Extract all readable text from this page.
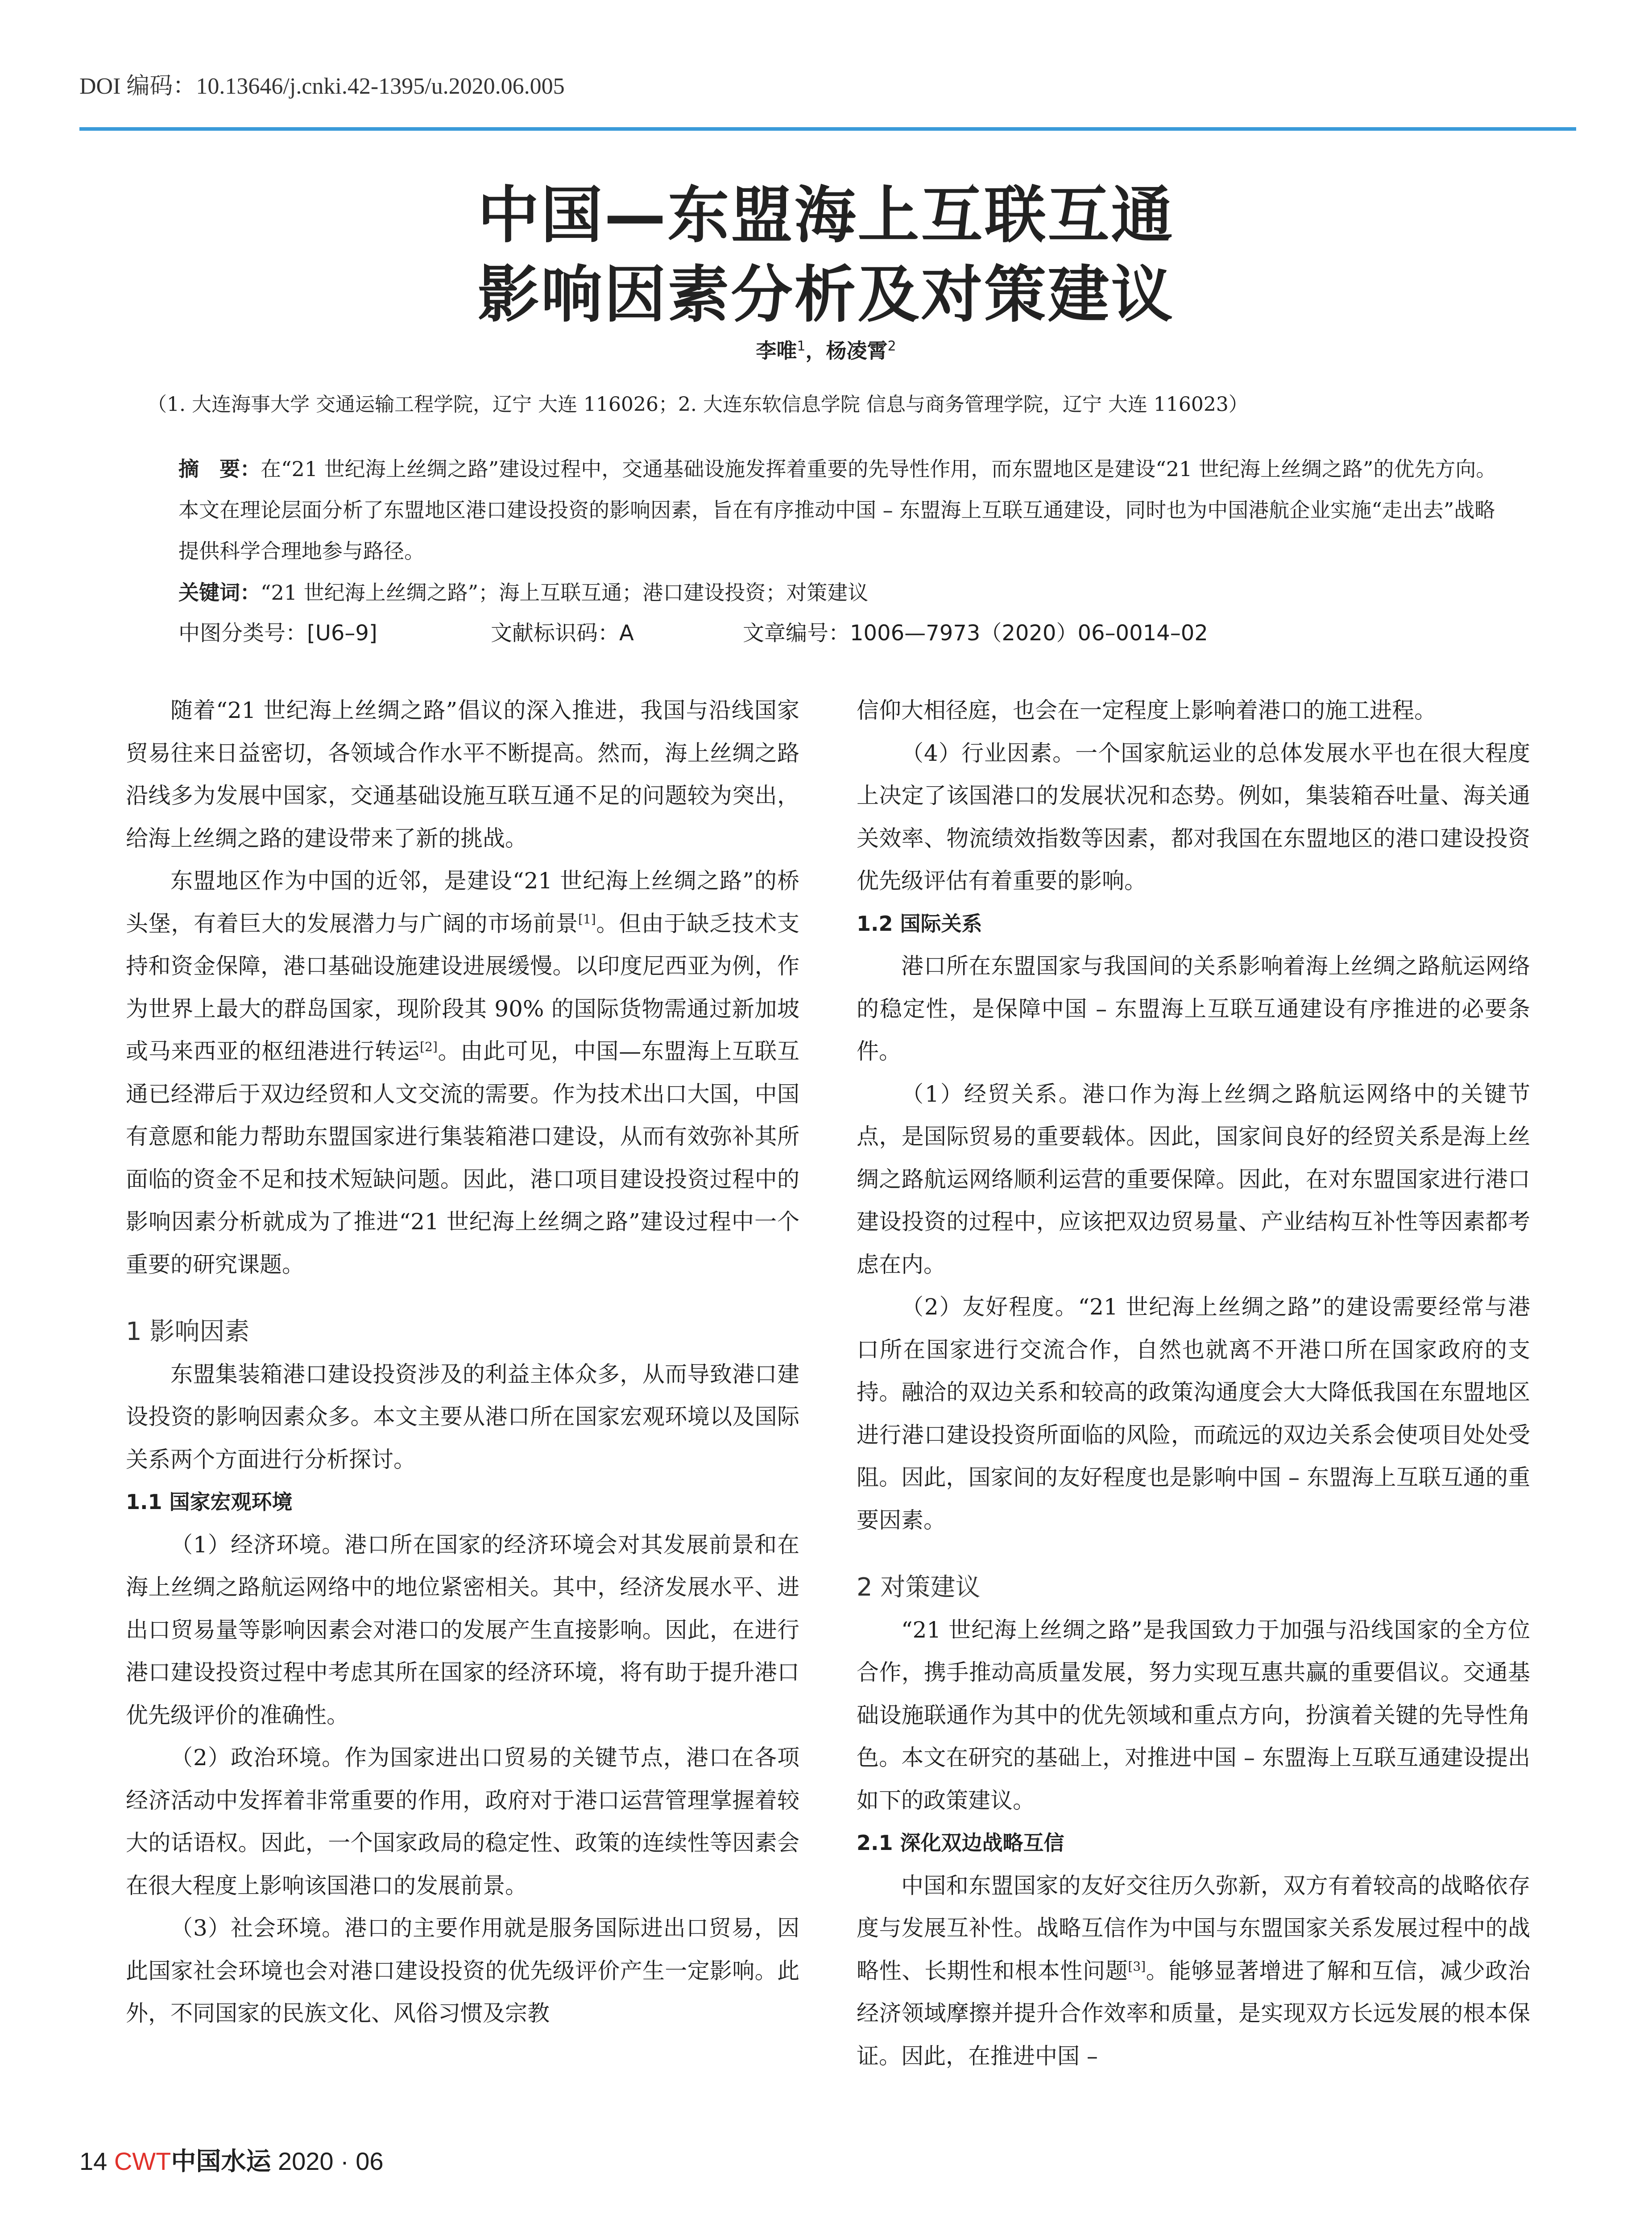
DOI 编码：10.13646/j.cnki.42-1395/u.2020.06.005
中国—东盟海上互联互通
影响因素分析及对策建议
李唯$^1$，杨凌霄$^2$
（1. 大连海事大学 交通运输工程学院，辽宁 大连 116026；2. 大连东软信息学院 信息与商务管理学院，辽宁 大连 116023）
摘　要：在“21 世纪海上丝绸之路”建设过程中，交通基础设施发挥着重要的先导性作用，而东盟地区是建设“21 世纪海上丝绸之路”的优先方向。本文在理论层面分析了东盟地区港口建设投资的影响因素，旨在有序推动中国 – 东盟海上互联互通建设，同时也为中国港航企业实施“走出去”战略提供科学合理地参与路径。
关键词：“21 世纪海上丝绸之路”；海上互联互通；港口建设投资；对策建议
中图分类号：[U6–9]	文献标识码：A	文章编号：1006—7973（2020）06–0014–02

随着“21 世纪海上丝绸之路”倡议的深入推进，我国与沿线国家贸易往来日益密切，各领域合作水平不断提高。然而，海上丝绸之路沿线多为发展中国家，交通基础设施互联互通不足的问题较为突出，给海上丝绸之路的建设带来了新的挑战。

东盟地区作为中国的近邻，是建设“21 世纪海上丝绸之路”的桥头堡，有着巨大的发展潜力与广阔的市场前景[1]。但由于缺乏技术支持和资金保障，港口基础设施建设进展缓慢。以印度尼西亚为例，作为世界上最大的群岛国家，现阶段其 90% 的国际货物需通过新加坡或马来西亚的枢纽港进行转运[2]。由此可见，中国—东盟海上互联互通已经滞后于双边经贸和人文交流的需要。作为技术出口大国，中国有意愿和能力帮助东盟国家进行集装箱港口建设，从而有效弥补其所面临的资金不足和技术短缺问题。因此，港口项目建设投资过程中的影响因素分析就成为了推进“21 世纪海上丝绸之路”建设过程中一个重要的研究课题。

1 影响因素

东盟集装箱港口建设投资涉及的利益主体众多，从而导致港口建设投资的影响因素众多。本文主要从港口所在国家宏观环境以及国际关系两个方面进行分析探讨。

1.1 国家宏观环境

（1）经济环境。港口所在国家的经济环境会对其发展前景和在海上丝绸之路航运网络中的地位紧密相关。其中，经济发展水平、进出口贸易量等影响因素会对港口的发展产生直接影响。因此，在进行港口建设投资过程中考虑其所在国家的经济环境，将有助于提升港口优先级评价的准确性。

（2）政治环境。作为国家进出口贸易的关键节点，港口在各项经济活动中发挥着非常重要的作用，政府对于港口运营管理掌握着较大的话语权。因此，一个国家政局的稳定性、政策的连续性等因素会在很大程度上影响该国港口的发展前景。

（3）社会环境。港口的主要作用就是服务国际进出口贸易，因此国家社会环境也会对港口建设投资的优先级评价产生一定影响。此外，不同国家的民族文化、风俗习惯及宗教

信仰大相径庭，也会在一定程度上影响着港口的施工进程。

（4）行业因素。一个国家航运业的总体发展水平也在很大程度上决定了该国港口的发展状况和态势。例如，集装箱吞吐量、海关通关效率、物流绩效指数等因素，都对我国在东盟地区的港口建设投资优先级评估有着重要的影响。

1.2 国际关系

港口所在东盟国家与我国间的关系影响着海上丝绸之路航运网络的稳定性，是保障中国 – 东盟海上互联互通建设有序推进的必要条件。

（1）经贸关系。港口作为海上丝绸之路航运网络中的关键节点，是国际贸易的重要载体。因此，国家间良好的经贸关系是海上丝绸之路航运网络顺利运营的重要保障。因此，在对东盟国家进行港口建设投资的过程中，应该把双边贸易量、产业结构互补性等因素都考虑在内。

（2）友好程度。“21 世纪海上丝绸之路”的建设需要经常与港口所在国家进行交流合作，自然也就离不开港口所在国家政府的支持。融洽的双边关系和较高的政策沟通度会大大降低我国在东盟地区进行港口建设投资所面临的风险，而疏远的双边关系会使项目处处受阻。因此，国家间的友好程度也是影响中国 – 东盟海上互联互通的重要因素。

2 对策建议

“21 世纪海上丝绸之路”是我国致力于加强与沿线国家的全方位合作，携手推动高质量发展，努力实现互惠共赢的重要倡议。交通基础设施联通作为其中的优先领域和重点方向，扮演着关键的先导性角色。本文在研究的基础上，对推进中国 – 东盟海上互联互通建设提出如下的政策建议。

2.1 深化双边战略互信

中国和东盟国家的友好交往历久弥新，双方有着较高的战略依存度与发展互补性。战略互信作为中国与东盟国家关系发展过程中的战略性、长期性和根本性问题[3]。能够显著增进了解和互信，减少政治经济领域摩擦并提升合作效率和质量，是实现双方长远发展的根本保证。因此，在推进中国 –

14 CWT中国水运 2020 · 06
